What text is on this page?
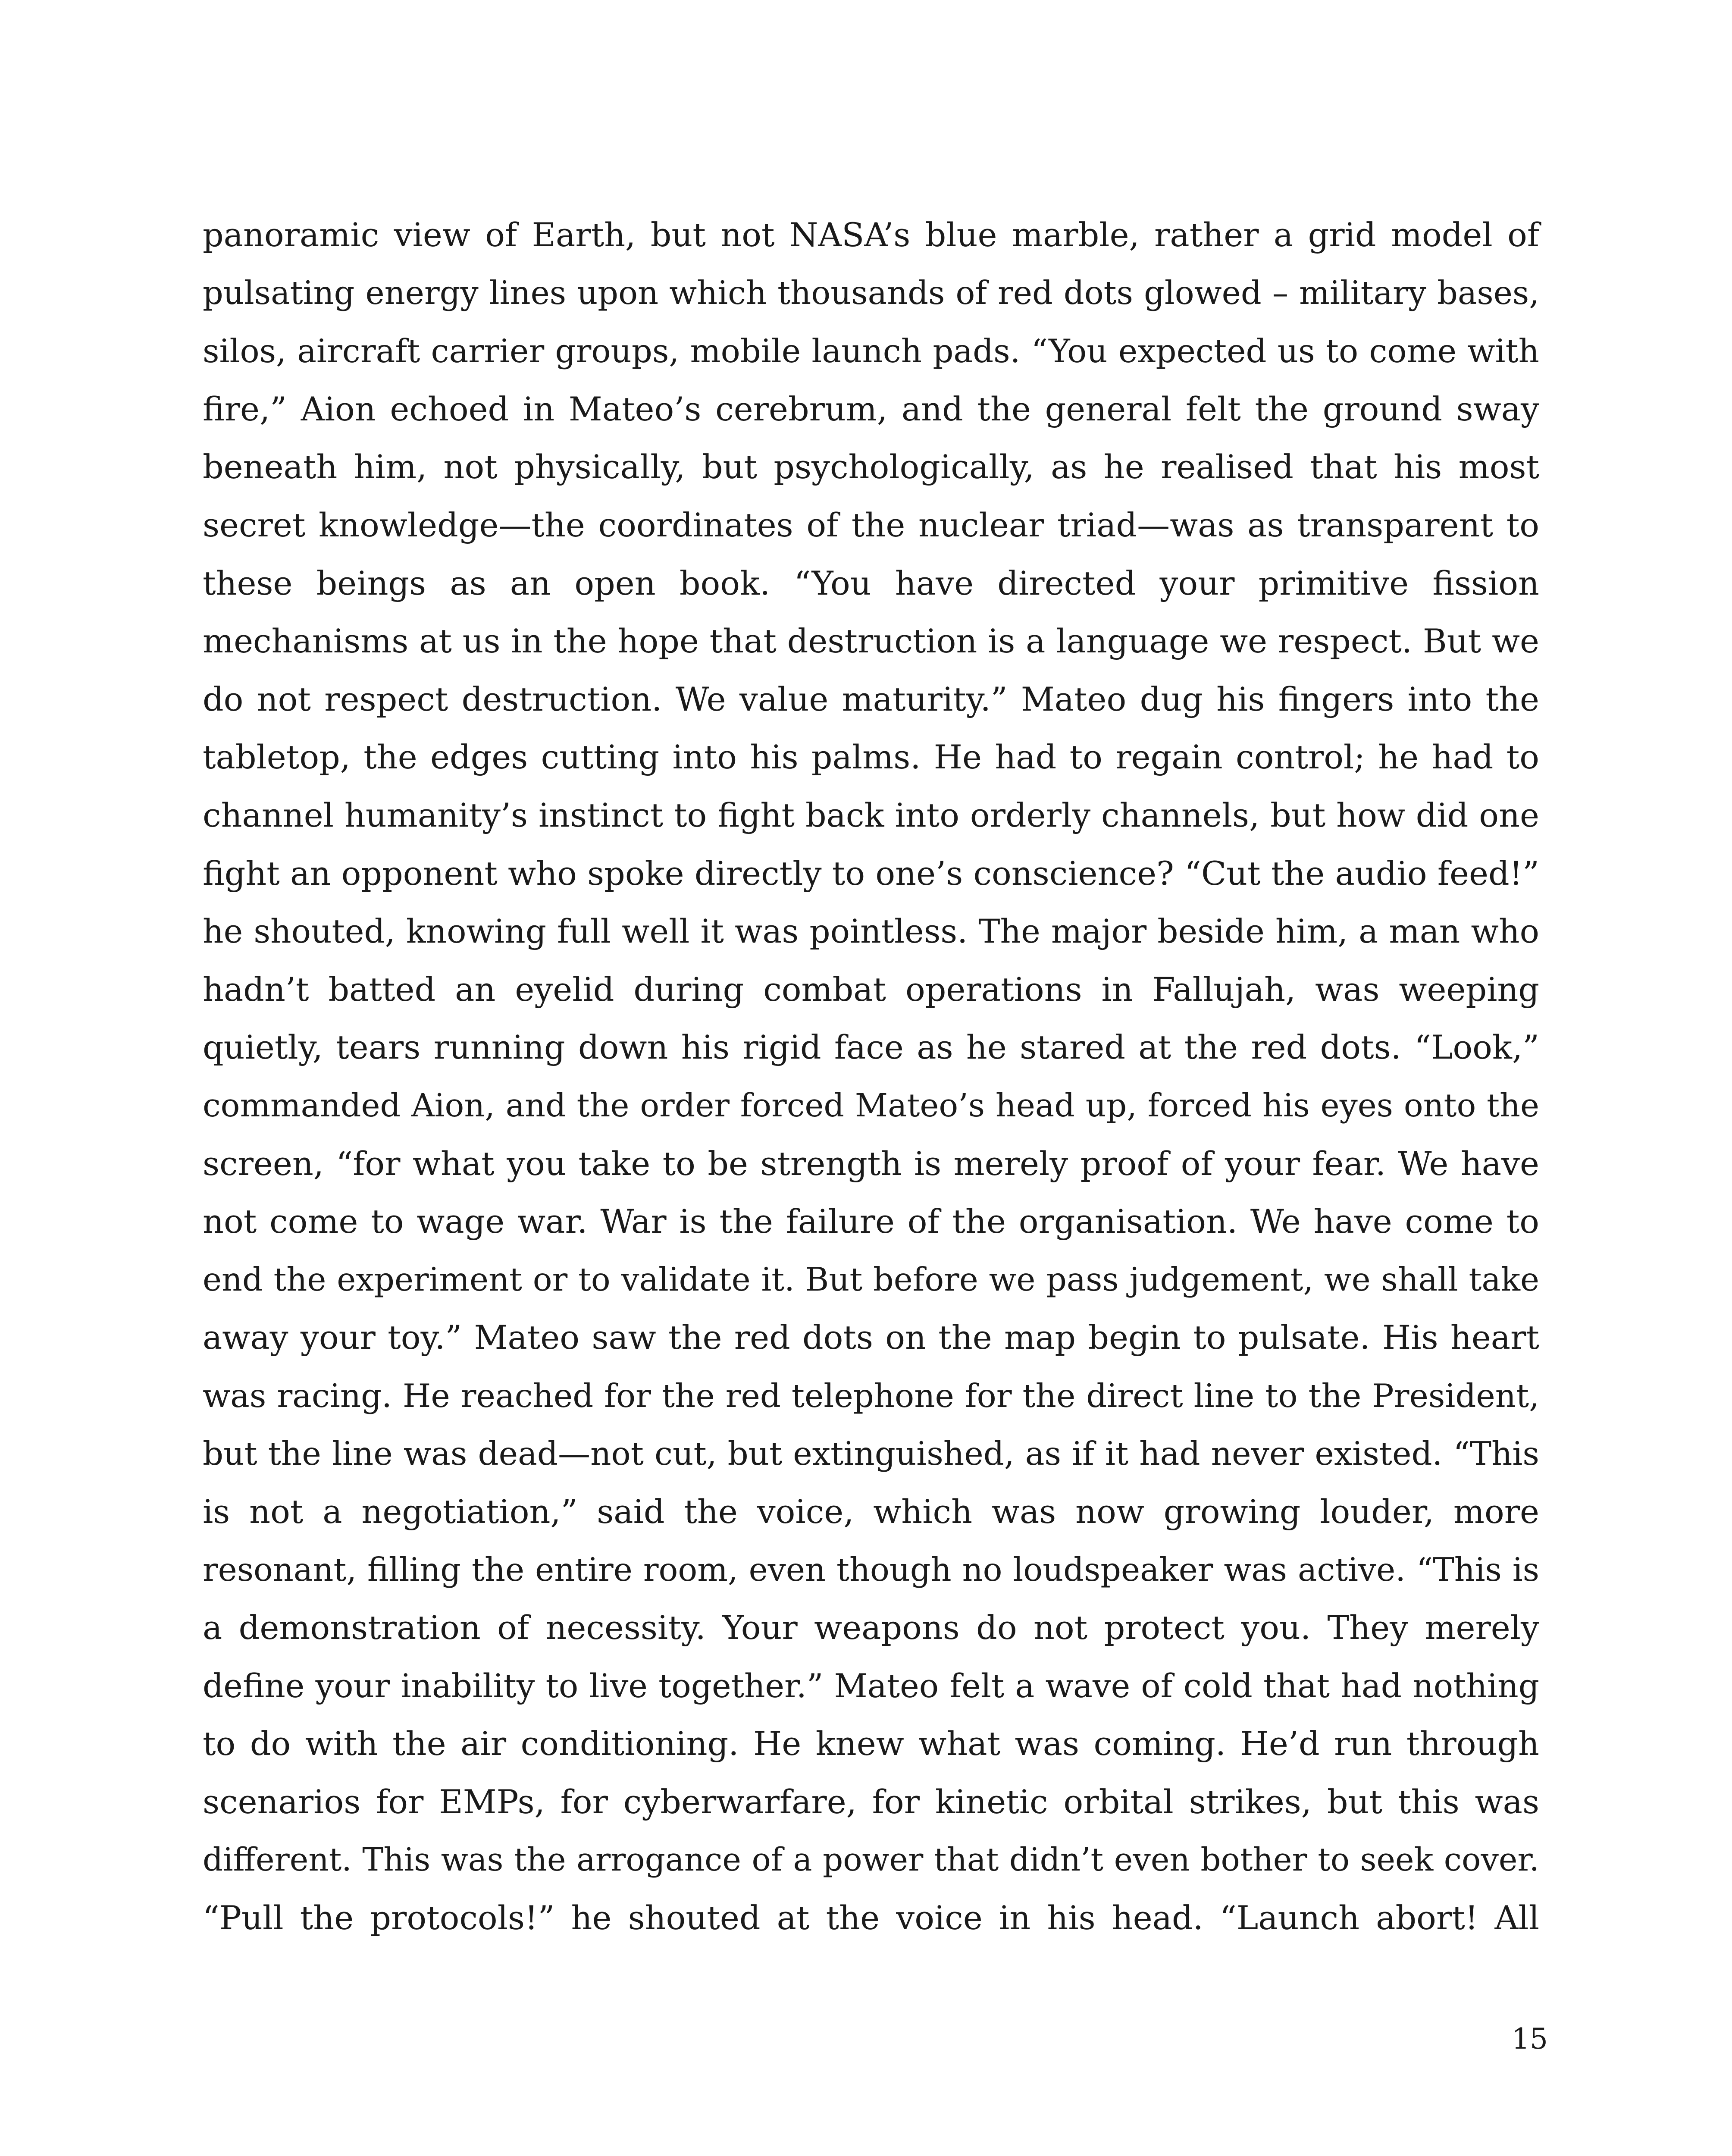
panoramic view of Earth, but not NASA’s blue marble, rather a grid model of
pulsating energy lines upon which thousands of red dots glowed – military bases,
silos, aircraft carrier groups, mobile launch pads. “You expected us to come with
fire,” Aion echoed in Mateo’s cerebrum, and the general felt the ground sway
beneath him, not physically, but psychologically, as he realised that his most
secret knowledge—the coordinates of the nuclear triad—was as transparent to
these beings as an open book. “You have directed your primitive fission
mechanisms at us in the hope that destruction is a language we respect. But we
do not respect destruction. We value maturity.” Mateo dug his fingers into the
tabletop, the edges cutting into his palms. He had to regain control; he had to
channel humanity’s instinct to fight back into orderly channels, but how did one
fight an opponent who spoke directly to one’s conscience? “Cut the audio feed!”
he shouted, knowing full well it was pointless. The major beside him, a man who
hadn’t batted an eyelid during combat operations in Fallujah, was weeping
quietly, tears running down his rigid face as he stared at the red dots. “Look,”
commanded Aion, and the order forced Mateo’s head up, forced his eyes onto the
screen, “for what you take to be strength is merely proof of your fear. We have
not come to wage war. War is the failure of the organisation. We have come to
end the experiment or to validate it. But before we pass judgement, we shall take
away your toy.” Mateo saw the red dots on the map begin to pulsate. His heart
was racing. He reached for the red telephone for the direct line to the President,
but the line was dead—not cut, but extinguished, as if it had never existed. “This
is not a negotiation,” said the voice, which was now growing louder, more
resonant, filling the entire room, even though no loudspeaker was active. “This is
a demonstration of necessity. Your weapons do not protect you. They merely
define your inability to live together.” Mateo felt a wave of cold that had nothing
to do with the air conditioning. He knew what was coming. He’d run through
scenarios for EMPs, for cyberwarfare, for kinetic orbital strikes, but this was
different. This was the arrogance of a power that didn’t even bother to seek cover.
“Pull the protocols!” he shouted at the voice in his head. “Launch abort! All
15
